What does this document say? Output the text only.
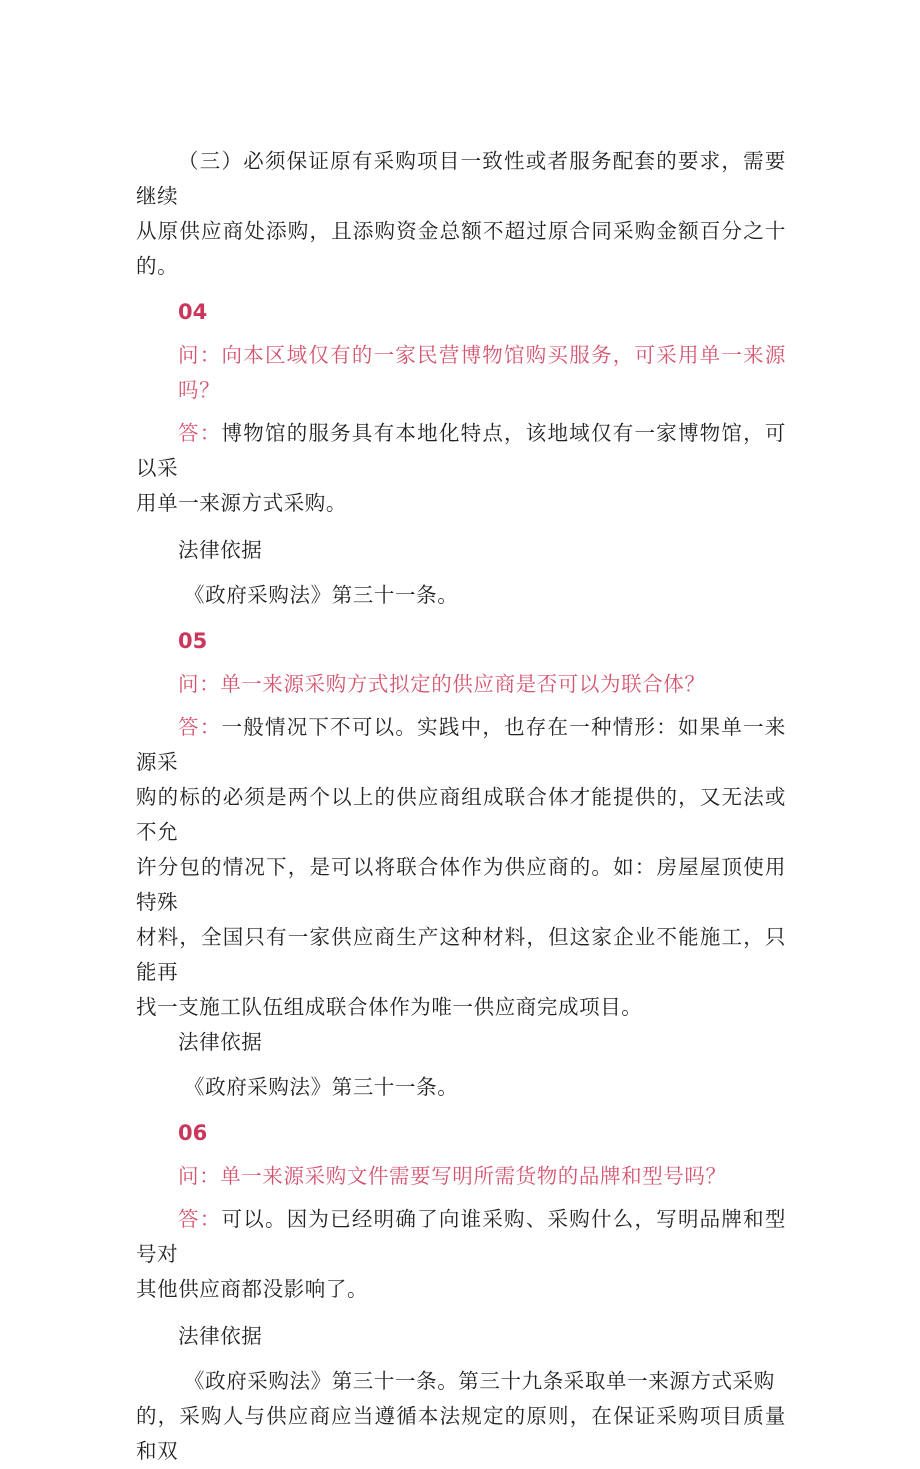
（三）必须保证原有采购项目一致性或者服务配套的要求，需要继续

从原供应商处添购，且添购资金总额不超过原合同采购金额百分之十的。

04

问：向本区域仅有的一家民营博物馆购买服务，可采用单一来源吗？

答：博物馆的服务具有本地化特点，该地域仅有一家博物馆，可以采

用单一来源方式采购。

法律依据

《政府采购法》第三十一条。

05

问：单一来源采购方式拟定的供应商是否可以为联合体？

答：一般情况下不可以。实践中，也存在一种情形：如果单一来源采

购的标的必须是两个以上的供应商组成联合体才能提供的，又无法或不允

许分包的情况下，是可以将联合体作为供应商的。如：房屋屋顶使用特殊

材料，全国只有一家供应商生产这种材料，但这家企业不能施工，只能再

找一支施工队伍组成联合体作为唯一供应商完成项目。

法律依据

《政府采购法》第三十一条。

06

问：单一来源采购文件需要写明所需货物的品牌和型号吗？

答：可以。因为已经明确了向谁采购、采购什么，写明品牌和型号对

其他供应商都没影响了。

法律依据

《政府采购法》第三十一条。第三十九条采取单一来源方式采购

的，采购人与供应商应当遵循本法规定的原则，在保证采购项目质量和双
